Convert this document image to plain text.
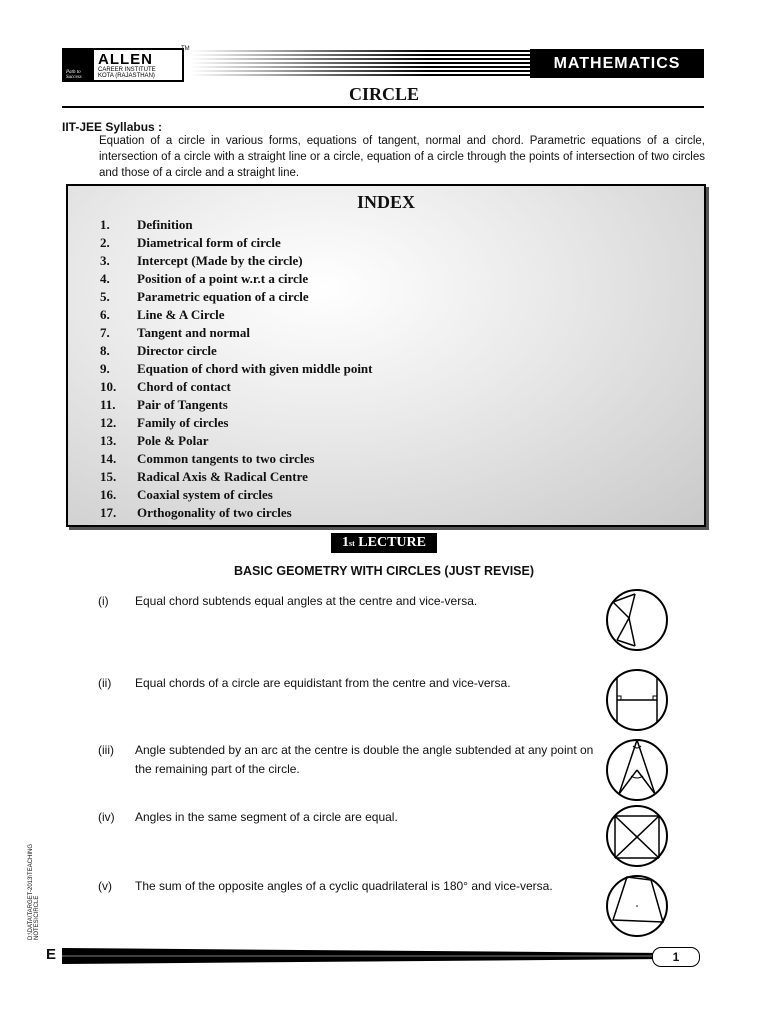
Path to Success
ALLEN
CAREER INSTITUTE
KOTA (RAJASTHAN)
TM
MATHEMATICS
CIRCLE
IIT-JEE Syllabus :
Equation of a circle in various forms, equations of tangent, normal and chord. Parametric equations of a circle, intersection of a circle with a straight line or a circle, equation of a circle through the points of intersection of two circles and those of a circle and a straight line.
INDEX
1.	Definition
2.	Diametrical form of circle
3.	Intercept (Made by the circle)
4.	Position of a point w.r.t a circle
5.	Parametric equation of a circle
6.	Line & A Circle
7.	Tangent and normal
8.	Director circle
9.	Equation of chord with given middle point
10.	Chord of contact
11.	Pair of Tangents
12.	Family of circles
13.	Pole & Polar
14.	Common tangents to two circles
15.	Radical Axis & Radical Centre
16.	Coaxial system of circles
17.	Orthogonality of two circles
1 st
LECTURE
BASIC GEOMETRY WITH CIRCLES (JUST REVISE)
(i) Equal chord subtends equal angles at the centre and vice-versa.
(ii) Equal chords of a circle are equidistant from the centre and vice-versa.
(iii) Angle subtended by an arc at the centre is double the angle subtended at any point on the remaining part of the circle.
(iv) Angles in the same segment of a circle are equal.
(v) The sum of the opposite angles of a cyclic quadrilateral is 180° and vice-versa.
D:\DATA\TARGET-2013\TEACHING NOTES\CIRCLE
E	1
